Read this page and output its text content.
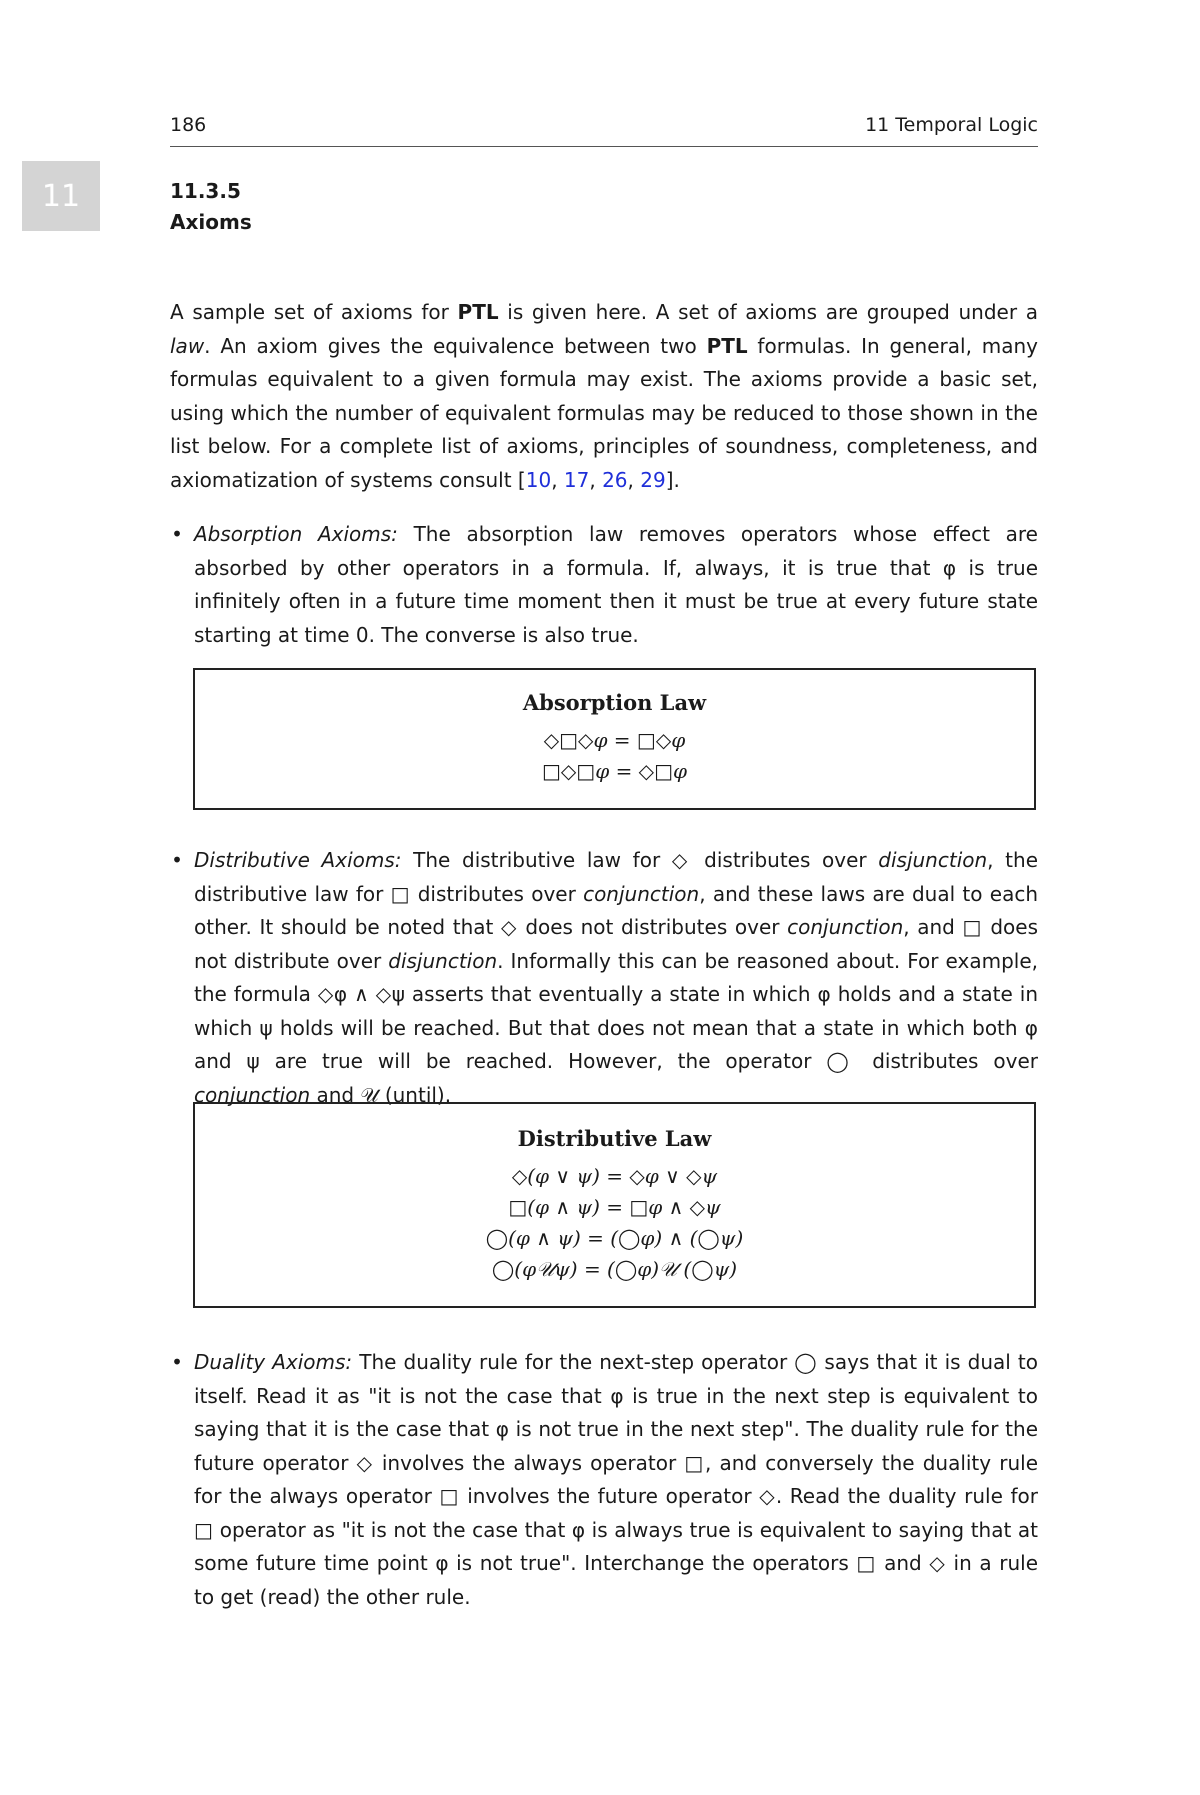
11
186	11 Temporal Logic
11.3.5
Axioms
A sample set of axioms for PTL is given here. A set of axioms are grouped under a law. An axiom gives the equivalence between two PTL formulas. In general, many formulas equivalent to a given formula may exist. The axioms provide a basic set, using which the number of equivalent formulas may be reduced to those shown in the list below. For a complete list of axioms, principles of soundness, completeness, and axiomatization of systems consult [10, 17, 26, 29].
• Absorption Axioms: The absorption law removes operators whose effect are absorbed by other operators in a formula. If, always, it is true that φ is true infinitely often in a future time moment then it must be true at every future state starting at time 0. The converse is also true.
Absorption Law
◇□◇φ = □◇φ
□◇□φ = ◇□φ
• Distributive Axioms: The distributive law for ◇ distributes over disjunction, the distributive law for □ distributes over conjunction, and these laws are dual to each other. It should be noted that ◇ does not distributes over conjunction, and □ does not distribute over disjunction. Informally this can be reasoned about. For example, the formula ◇φ ∧ ◇ψ asserts that eventually a state in which φ holds and a state in which ψ holds will be reached. But that does not mean that a state in which both φ and ψ are true will be reached. However, the operator ◯ distributes over conjunction and 𝒰 (until).
Distributive Law
◇(φ ∨ ψ) = ◇φ ∨ ◇ψ
□(φ ∧ ψ) = □φ ∧ ◇ψ
◯(φ ∧ ψ) = (◯φ) ∧ (◯ψ)
◯(φ𝒰ψ) = (◯φ)𝒰 (◯ψ)
• Duality Axioms: The duality rule for the next-step operator ◯ says that it is dual to itself. Read it as "it is not the case that φ is true in the next step is equivalent to saying that it is the case that φ is not true in the next step". The duality rule for the future operator ◇ involves the always operator □, and conversely the duality rule for the always operator □ involves the future operator ◇. Read the duality rule for □ operator as "it is not the case that φ is always true is equivalent to saying that at some future time point φ is not true". Interchange the operators □ and ◇ in a rule to get (read) the other rule.
